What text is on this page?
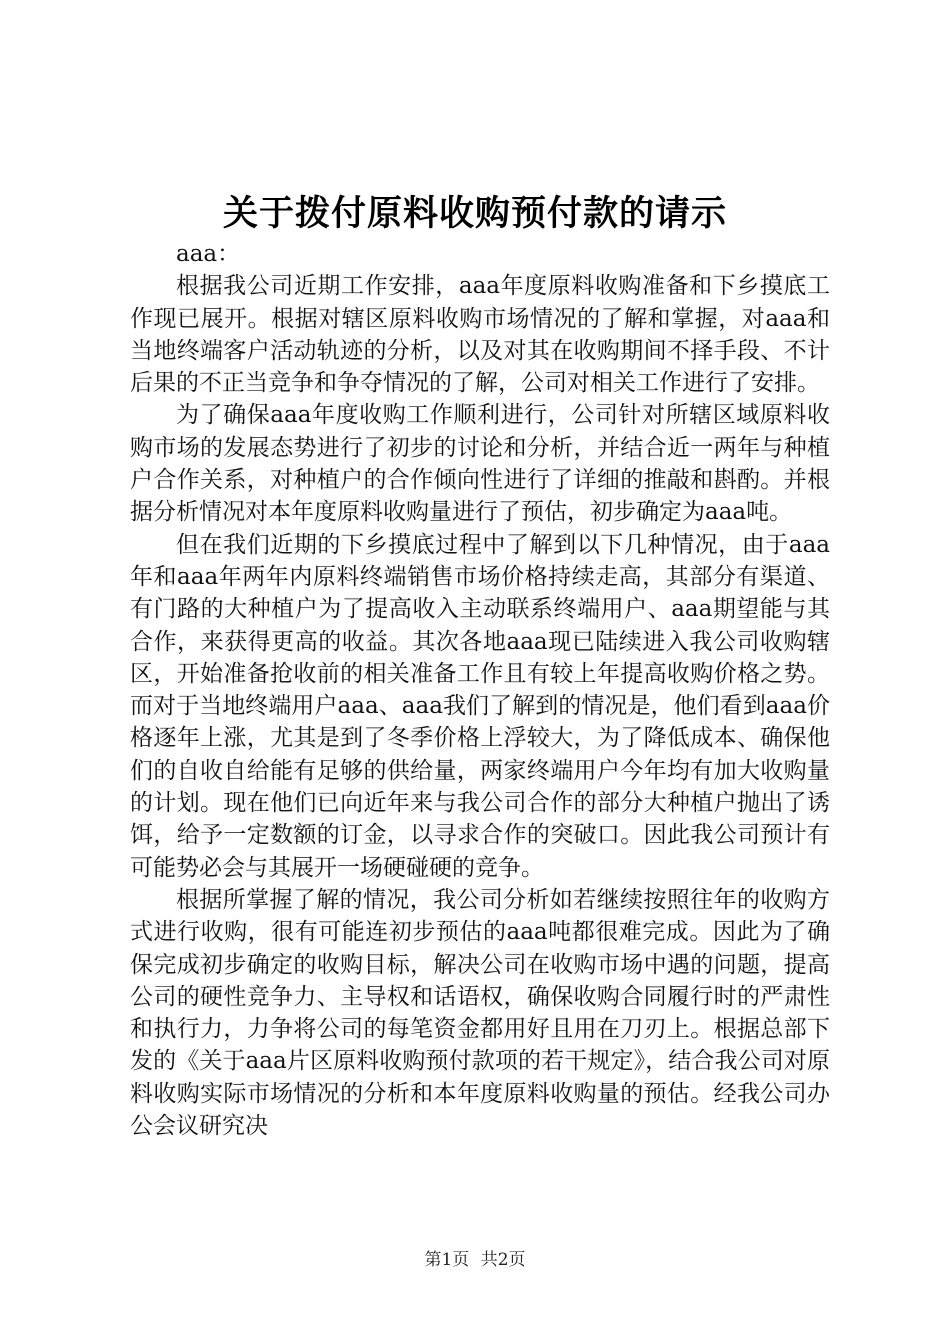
关于拨付原料收购预付款的请示

aaa：

根据我公司近期工作安排，aaa年度原料收购准备和下乡摸底工作现已展开。根据对辖区原料收购市场情况的了解和掌握，对aaa和当地终端客户活动轨迹的分析，以及对其在收购期间不择手段、不计后果的不正当竞争和争夺情况的了解，公司对相关工作进行了安排。

为了确保aaa年度收购工作顺利进行，公司针对所辖区域原料收购市场的发展态势进行了初步的讨论和分析，并结合近一两年与种植户合作关系，对种植户的合作倾向性进行了详细的推敲和斟酌。并根据分析情况对本年度原料收购量进行了预估，初步确定为aaa吨。

但在我们近期的下乡摸底过程中了解到以下几种情况，由于aaa年和aaa年两年内原料终端销售市场价格持续走高，其部分有渠道、有门路的大种植户为了提高收入主动联系终端用户、aaa期望能与其合作，来获得更高的收益。其次各地aaa现已陆续进入我公司收购辖区，开始准备抢收前的相关准备工作且有较上年提高收购价格之势。而对于当地终端用户aaa、aaa我们了解到的情况是，他们看到aaa价格逐年上涨，尤其是到了冬季价格上浮较大，为了降低成本、确保他们的自收自给能有足够的供给量，两家终端用户今年均有加大收购量的计划。现在他们已向近年来与我公司合作的部分大种植户抛出了诱饵，给予一定数额的订金，以寻求合作的突破口。因此我公司预计有可能势必会与其展开一场硬碰硬的竞争。

根据所掌握了解的情况，我公司分析如若继续按照往年的收购方式进行收购，很有可能连初步预估的aaa吨都很难完成。因此为了确保完成初步确定的收购目标，解决公司在收购市场中遇的问题，提高公司的硬性竞争力、主导权和话语权，确保收购合同履行时的严肃性和执行力，力争将公司的每笔资金都用好且用在刀刃上。根据总部下发的《关于aaa片区原料收购预付款项的若干规定》，结合我公司对原料收购实际市场情况的分析和本年度原料收购量的预估。经我公司办公会议研究决

第1页 共2页
